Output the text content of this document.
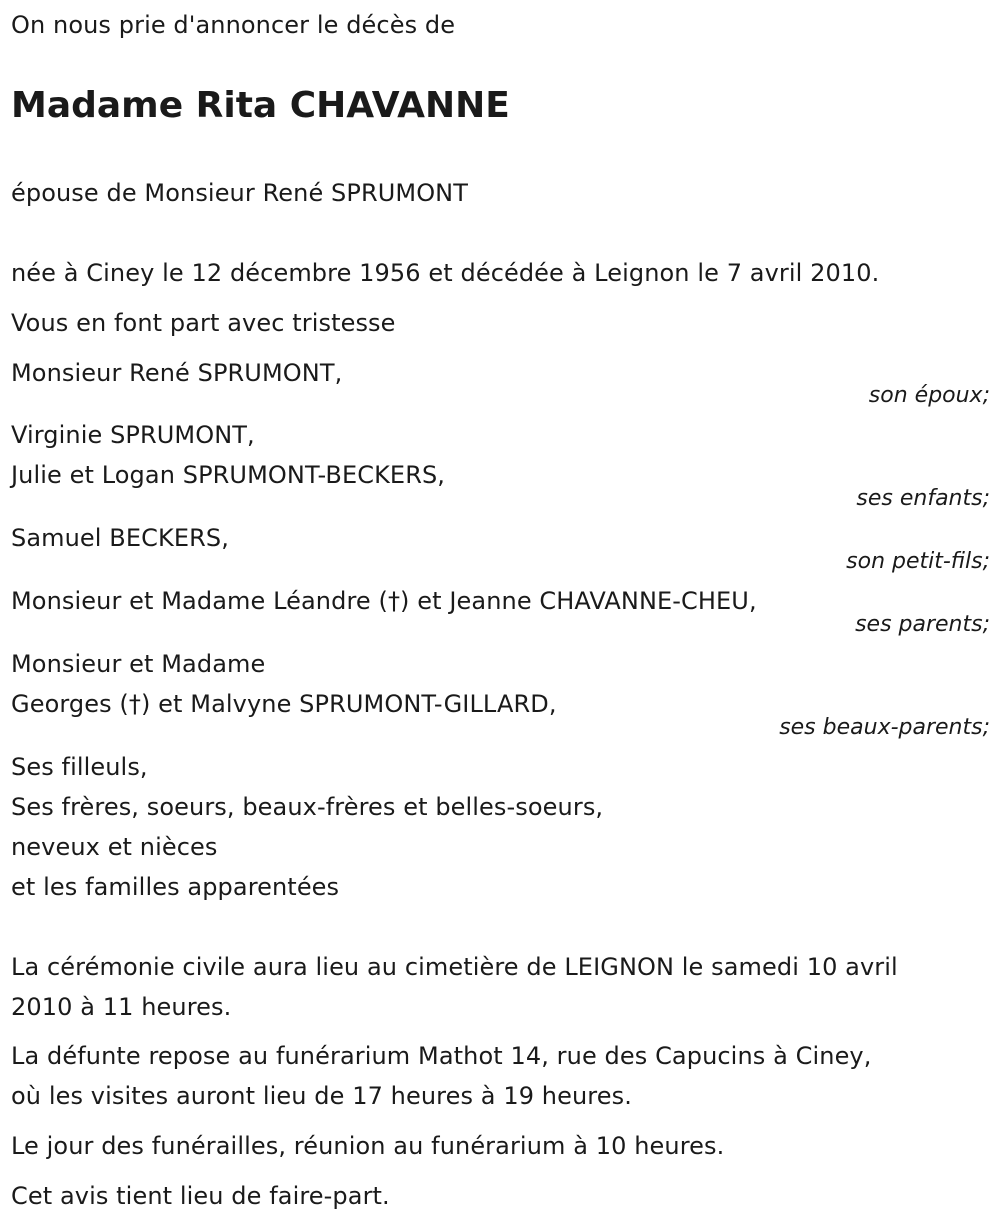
On nous prie d'annoncer le décès de
Madame Rita CHAVANNE
épouse de Monsieur René SPRUMONT
née à Ciney le 12 décembre 1956 et décédée à Leignon le 7 avril 2010.
Vous en font part avec tristesse
Monsieur René SPRUMONT,
son époux;
Virginie SPRUMONT,
Julie et Logan SPRUMONT-BECKERS,
ses enfants;
Samuel BECKERS,
son petit-fils;
Monsieur et Madame Léandre (†) et Jeanne CHAVANNE-CHEU,
ses parents;
Monsieur et Madame
Georges (†) et Malvyne SPRUMONT-GILLARD,
ses beaux-parents;
Ses filleuls,
Ses frères, soeurs, beaux-frères et belles-soeurs,
neveux et nièces
et les familles apparentées
La cérémonie civile aura lieu au cimetière de LEIGNON le samedi 10 avril
2010 à 11 heures.
La défunte repose au funérarium Mathot 14, rue des Capucins à Ciney,
où les visites auront lieu de 17 heures à 19 heures.
Le jour des funérailles, réunion au funérarium à 10 heures.
Cet avis tient lieu de faire-part.
